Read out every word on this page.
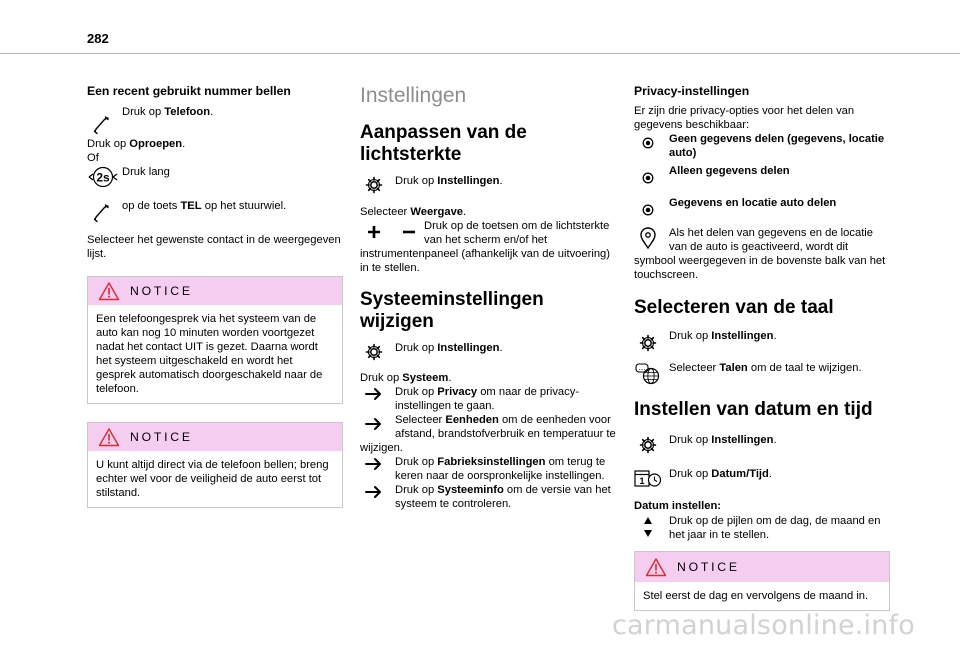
282
Een recent gebruikt nummer bellen

Druk op Telefoon.

Druk op Oproepen.

Of

2s Druk lang

op de toets TEL op het stuurwiel.

Selecteer het gewenste contact in de weergegeven lijst.

NOTICE
Een telefoongesprek via het systeem van de auto kan nog 10 minuten worden voortgezet nadat het contact UIT is gezet. Daarna wordt het systeem uitgeschakeld en wordt het gesprek automatisch doorgeschakeld naar de telefoon.
NOTICE
U kunt altijd direct via de telefoon bellen; breng echter wel voor de veiligheid de auto eerst tot stilstand.
Instellingen
Aanpassen van de lichtsterkte

Druk op Instellingen.

Selecteer Weergave.

Druk op de toetsen om de lichtsterkte van het scherm en/of het instrumentenpaneel (afhankelijk van de uitvoering) in te stellen.

Systeeminstellingen wijzigen

Druk op Instellingen.

Druk op Systeem.

Druk op Privacy om naar de privacy-instellingen te gaan.

Selecteer Eenheden om de eenheden voor afstand, brandstofverbruik en temperatuur te wijzigen.

Druk op Fabrieksinstellingen om terug te keren naar de oorspronkelijke instellingen.

Druk op Systeeminfo om de versie van het systeem te controleren.

Privacy-instellingen

Er zijn drie privacy-opties voor het delen van gegevens beschikbaar:

Geen gegevens delen (gegevens, locatie auto)

Alleen gegevens delen

Gegevens en locatie auto delen

Als het delen van gegevens en de locatie van de auto is geactiveerd, wordt dit symbool weergegeven in de bovenste balk van het touchscreen.

Selecteren van de taal

Druk op Instellingen.

... Selecteer Talen om de taal te wijzigen.

Instellen van datum en tijd

Druk op Instellingen.

1

Druk op Datum/Tijd.

Datum instellen:

Druk op de pijlen om de dag, de maand en het jaar in te stellen.

NOTICE
Stel eerst de dag en vervolgens de maand in.
carmanualsonline.info
